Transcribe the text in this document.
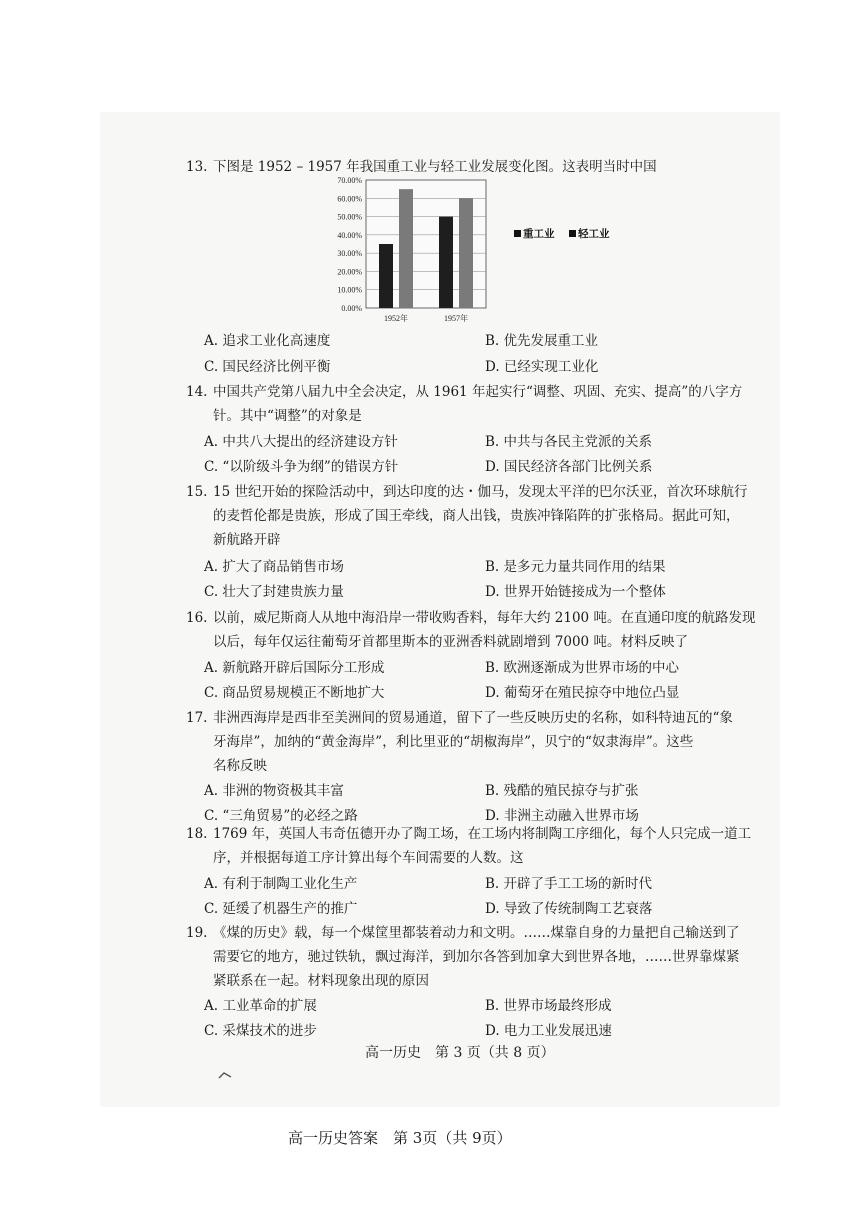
13. 下图是 1952 – 1957 年我国重工业与轻工业发展变化图。这表明当时中国
0.00%
10.00%
20.00%
30.00%
40.00%
50.00%
60.00%
70.00%
1952年	1957年
重工业 轻工业
A. 追求工业化高速度	B. 优先发展重工业
C. 国民经济比例平衡	D. 已经实现工业化
14. 中国共产党第八届九中全会决定，从 1961 年起实行“调整、巩固、充实、提高”的八字方
针。其中“调整”的对象是
A. 中共八大提出的经济建设方针	B. 中共与各民主党派的关系
C. “以阶级斗争为纲”的错误方针	D. 国民经济各部门比例关系
15. 15 世纪开始的探险活动中，到达印度的达・伽马，发现太平洋的巴尔沃亚，首次环球航行
的麦哲伦都是贵族，形成了国王牵线，商人出钱，贵族冲锋陷阵的扩张格局。据此可知，
新航路开辟
A. 扩大了商品销售市场	B. 是多元力量共同作用的结果
C. 壮大了封建贵族力量	D. 世界开始链接成为一个整体
16. 以前，威尼斯商人从地中海沿岸一带收购香料，每年大约 2100 吨。在直通印度的航路发现
以后，每年仅运往葡萄牙首都里斯本的亚洲香料就剧增到 7000 吨。材料反映了
A. 新航路开辟后国际分工形成	B. 欧洲逐渐成为世界市场的中心
C. 商品贸易规模正不断地扩大	D. 葡萄牙在殖民掠夺中地位凸显
17. 非洲西海岸是西非至美洲间的贸易通道，留下了一些反映历史的名称，如科特迪瓦的“象
牙海岸”，加纳的“黄金海岸”，利比里亚的“胡椒海岸”，贝宁的“奴隶海岸”。这些
名称反映
A. 非洲的物资极其丰富	B. 残酷的殖民掠夺与扩张
C. “三角贸易”的必经之路	D. 非洲主动融入世界市场
18. 1769 年，英国人韦奇伍德开办了陶工场，在工场内将制陶工序细化，每个人只完成一道工
序，并根据每道工序计算出每个车间需要的人数。这
A. 有利于制陶工业化生产	B. 开辟了手工工场的新时代
C. 延缓了机器生产的推广	D. 导致了传统制陶工艺衰落
19. 《煤的历史》载，每一个煤筐里都装着动力和文明。……煤靠自身的力量把自己输送到了
需要它的地方，驰过铁轨，飘过海洋，到加尔各答到加拿大到世界各地，……世界靠煤紧
紧联系在一起。材料现象出现的原因
A. 工业革命的扩展	B. 世界市场最终形成
C. 采煤技术的进步	D. 电力工业发展迅速
高一历史　第 3 页（共 8 页）
高一历史答案　第 3页（共 9页）
